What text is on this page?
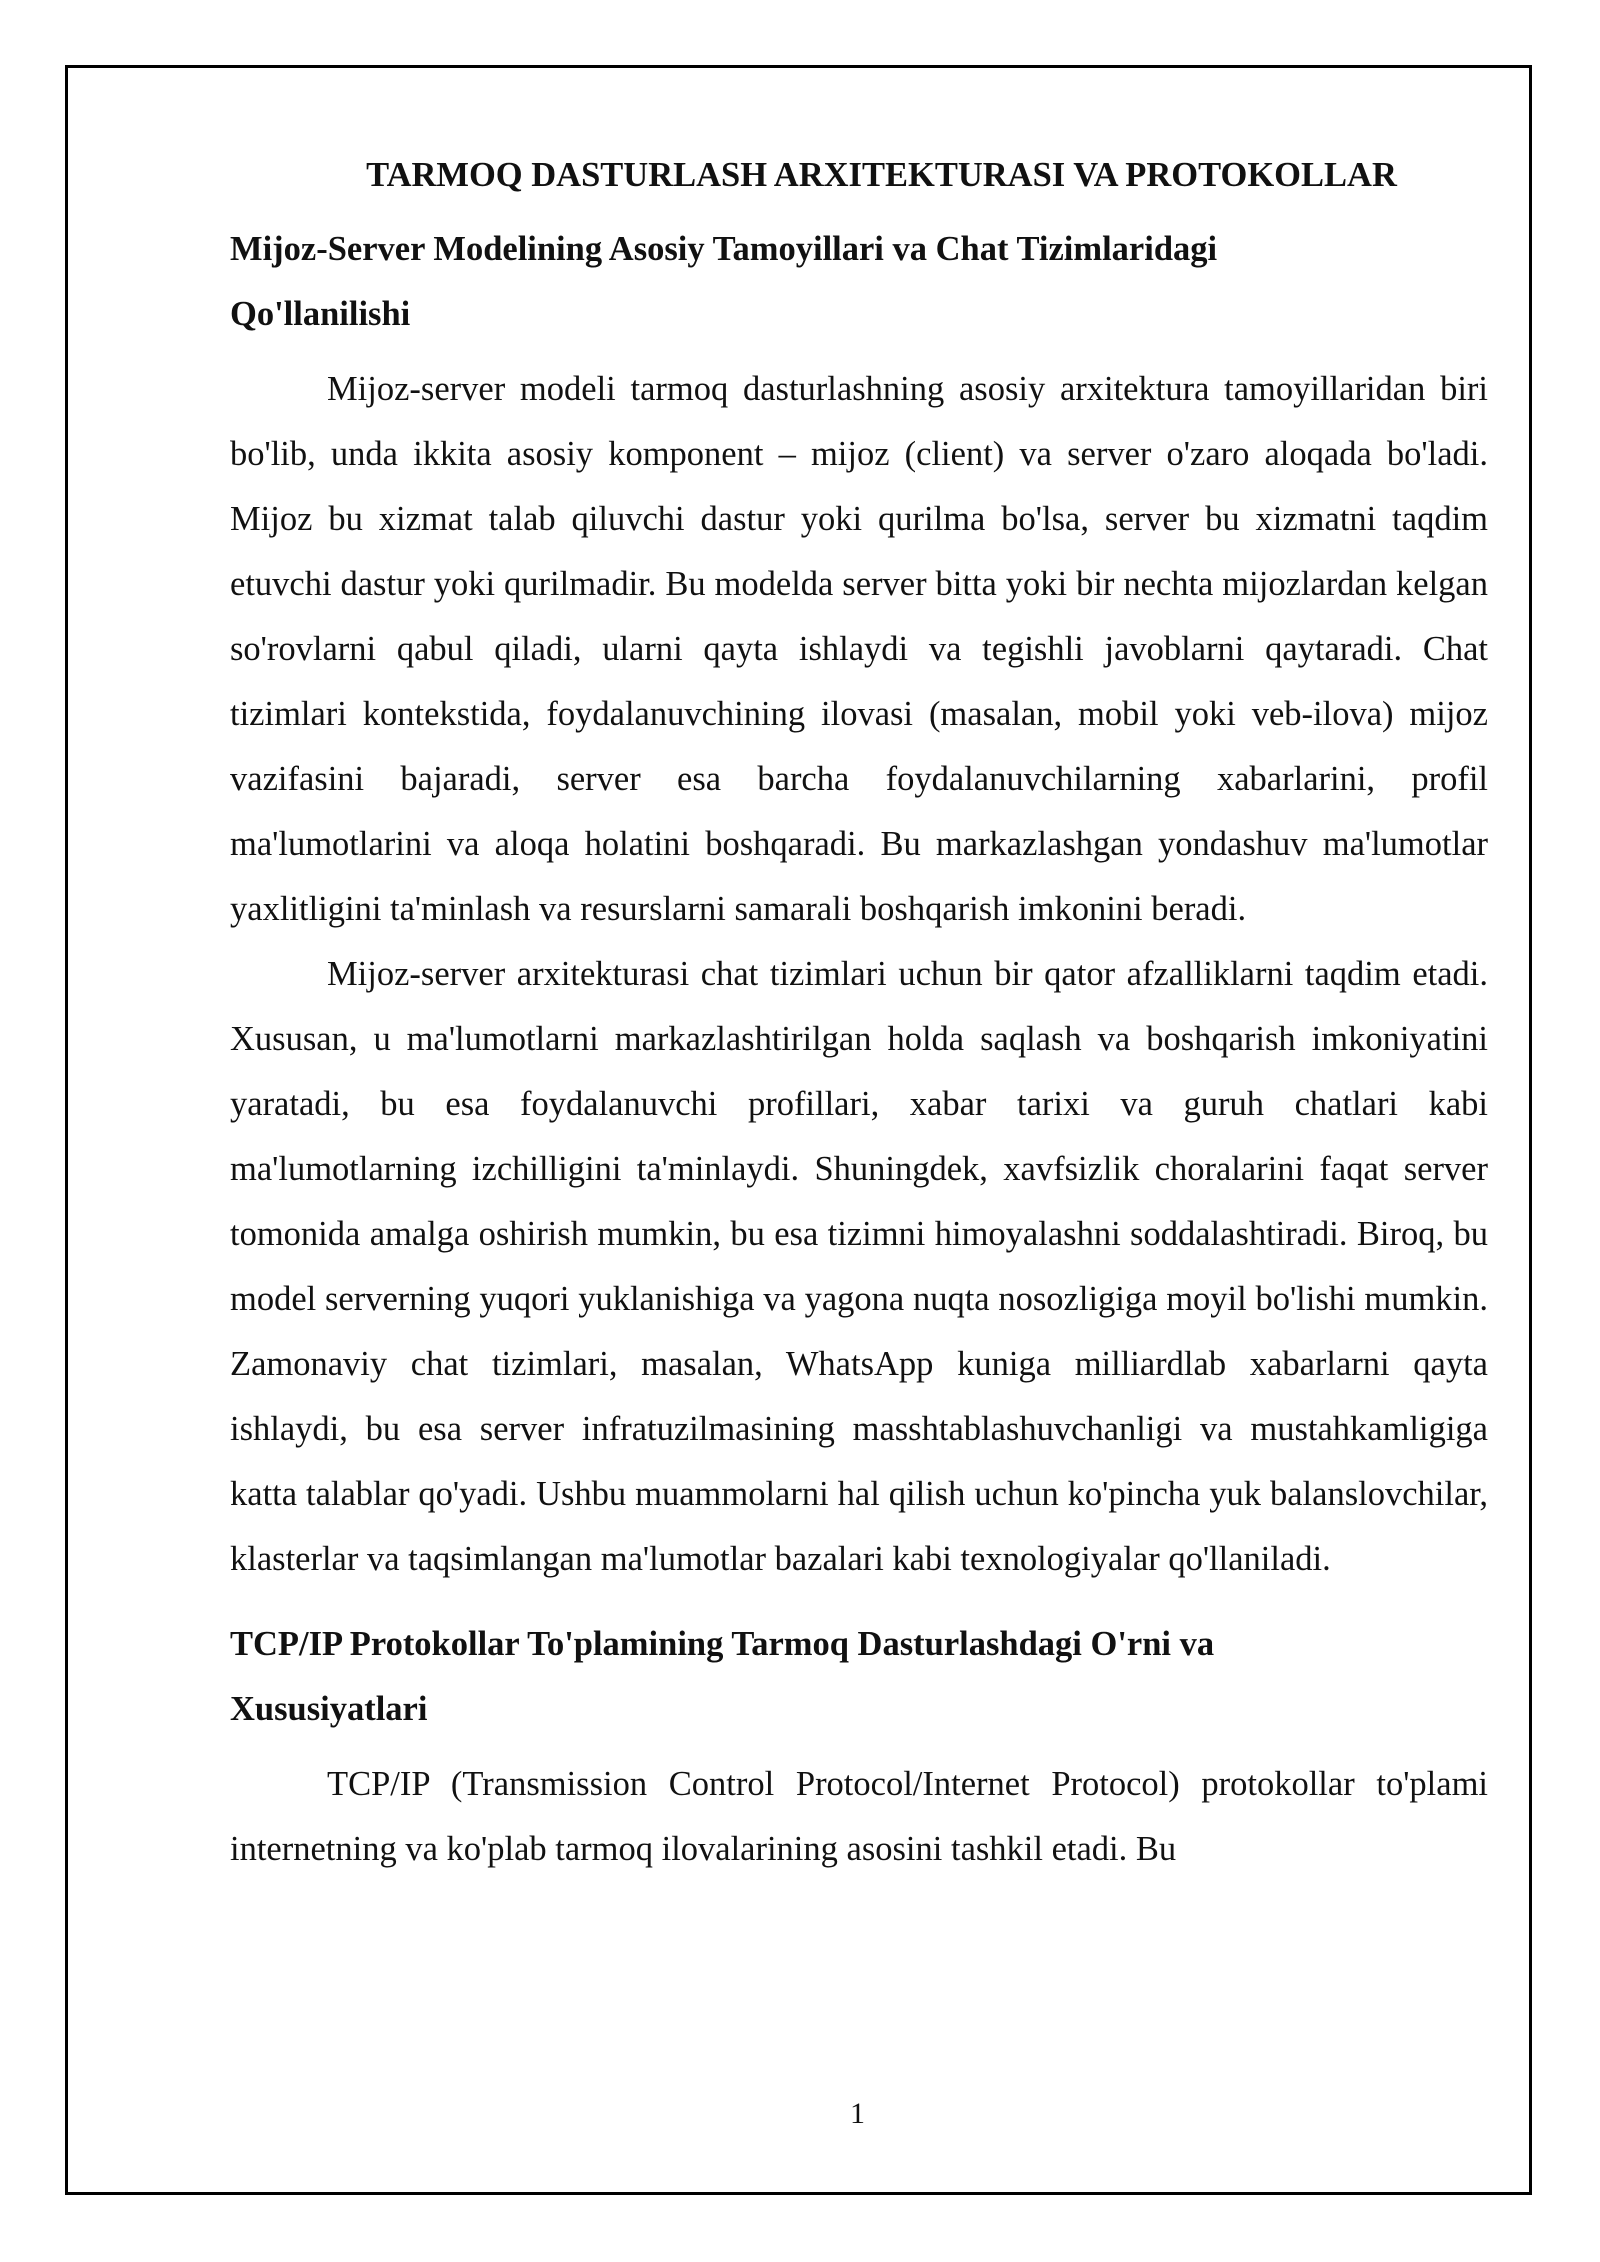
TARMOQ DASTURLASH ARXITEKTURASI VA PROTOKOLLAR
Mijoz-Server Modelining Asosiy Tamoyillari va Chat Tizimlaridagi Qo'llanilishi

Mijoz-server modeli tarmoq dasturlashning asosiy arxitektura tamoyillaridan biri bo'lib, unda ikkita asosiy komponent – mijoz (client) va server o'zaro aloqada bo'ladi. Mijoz bu xizmat talab qiluvchi dastur yoki qurilma bo'lsa, server bu xizmatni taqdim etuvchi dastur yoki qurilmadir. Bu modelda server bitta yoki bir nechta mijozlardan kelgan so'rovlarni qabul qiladi, ularni qayta ishlaydi va tegishli javoblarni qaytaradi. Chat tizimlari kontekstida, foydalanuvchining ilovasi (masalan, mobil yoki veb-ilova) mijoz vazifasini bajaradi, server esa barcha foydalanuvchilarning xabarlarini, profil ma'lumotlarini va aloqa holatini boshqaradi. Bu markazlashgan yondashuv ma'lumotlar yaxlitligini ta'minlash va resurslarni samarali boshqarish imkonini beradi.

Mijoz-server arxitekturasi chat tizimlari uchun bir qator afzalliklarni taqdim etadi. Xususan, u ma'lumotlarni markazlashtirilgan holda saqlash va boshqarish imkoniyatini yaratadi, bu esa foydalanuvchi profillari, xabar tarixi va guruh chatlari kabi ma'lumotlarning izchilligini ta'minlaydi. Shuningdek, xavfsizlik choralarini faqat server tomonida amalga oshirish mumkin, bu esa tizimni himoyalashni soddalashtiradi. Biroq, bu model serverning yuqori yuklanishiga va yagona nuqta nosozligiga moyil bo'lishi mumkin. Zamonaviy chat tizimlari, masalan, WhatsApp kuniga milliardlab xabarlarni qayta ishlaydi, bu esa server infratuzilmasining masshtablashuvchanligi va mustahkamligiga katta talablar qo'yadi. Ushbu muammolarni hal qilish uchun ko'pincha yuk balanslovchilar, klasterlar va taqsimlangan ma'lumotlar bazalari kabi texnologiyalar qo'llaniladi.

TCP/IP Protokollar To'plamining Tarmoq Dasturlashdagi O'rni va Xususiyatlari

TCP/IP (Transmission Control Protocol/Internet Protocol) protokollar to'plami internetning va ko'plab tarmoq ilovalarining asosini tashkil etadi. Bu

1
